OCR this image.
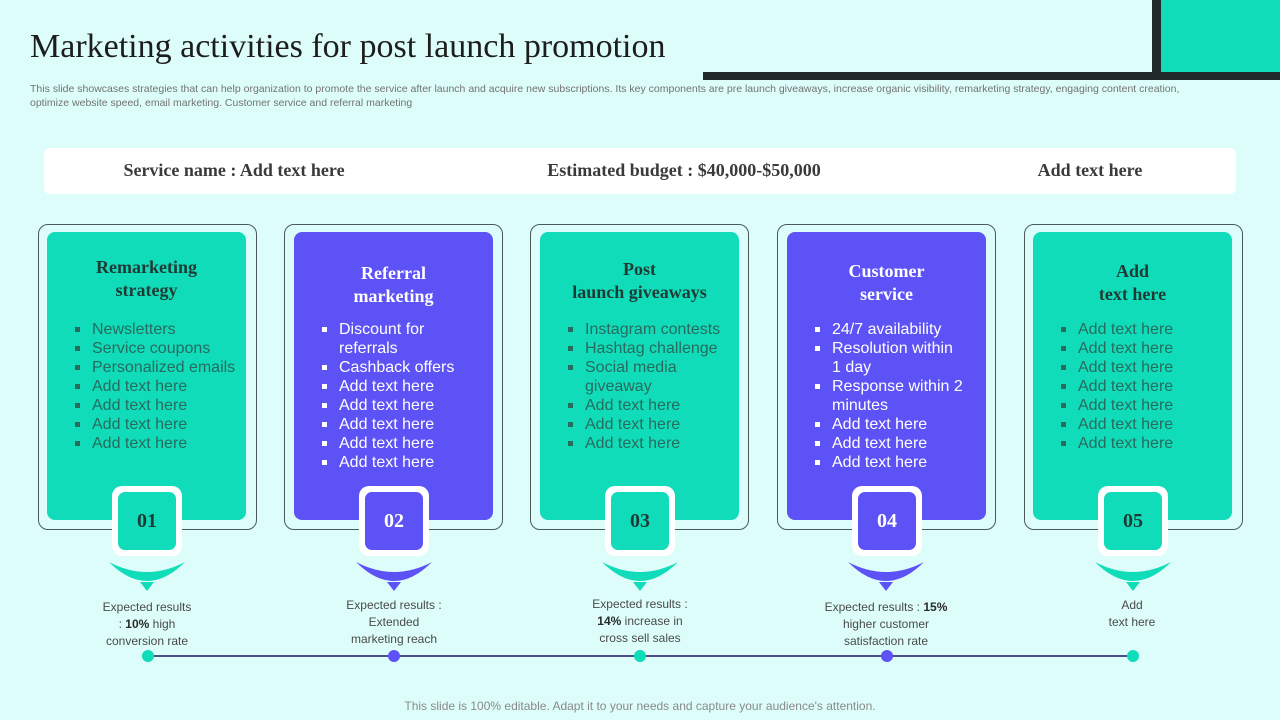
Marketing activities for post launch promotion
This slide showcases strategies that can help organization to promote the service after launch and acquire new subscriptions. Its key components are pre launch giveaways, increase organic visibility, remarketing strategy, engaging content creation, optimize website speed, email marketing. Customer service and referral marketing
Service name : Add text here	Estimated budget : $40,000-$50,000	Add text here
Remarketing
strategy
Newsletters
Service coupons
Personalized emails
Add text here
Add text here
Add text here
Add text here
01
Expected results
: 10% high
conversion rate
Referral
marketing
Discount for referrals
Cashback offers
Add text here
Add text here
Add text here
Add text here
Add text here
02
Expected results :
Extended
marketing reach
Post
launch giveaways
Instagram contests
Hashtag challenge
Social media giveaway
Add text here
Add text here
Add text here
03
Expected results :
14% increase in
cross sell sales
Customer
service
24/7 availability
Resolution within 1 day
Response within 2 minutes
Add text here
Add text here
Add text here
04
Expected results : 15%
higher customer
satisfaction rate
Add
text here
Add text here
Add text here
Add text here
Add text here
Add text here
Add text here
Add text here
05
Add
text here
This slide is 100% editable. Adapt it to your needs and capture your audience's attention.
